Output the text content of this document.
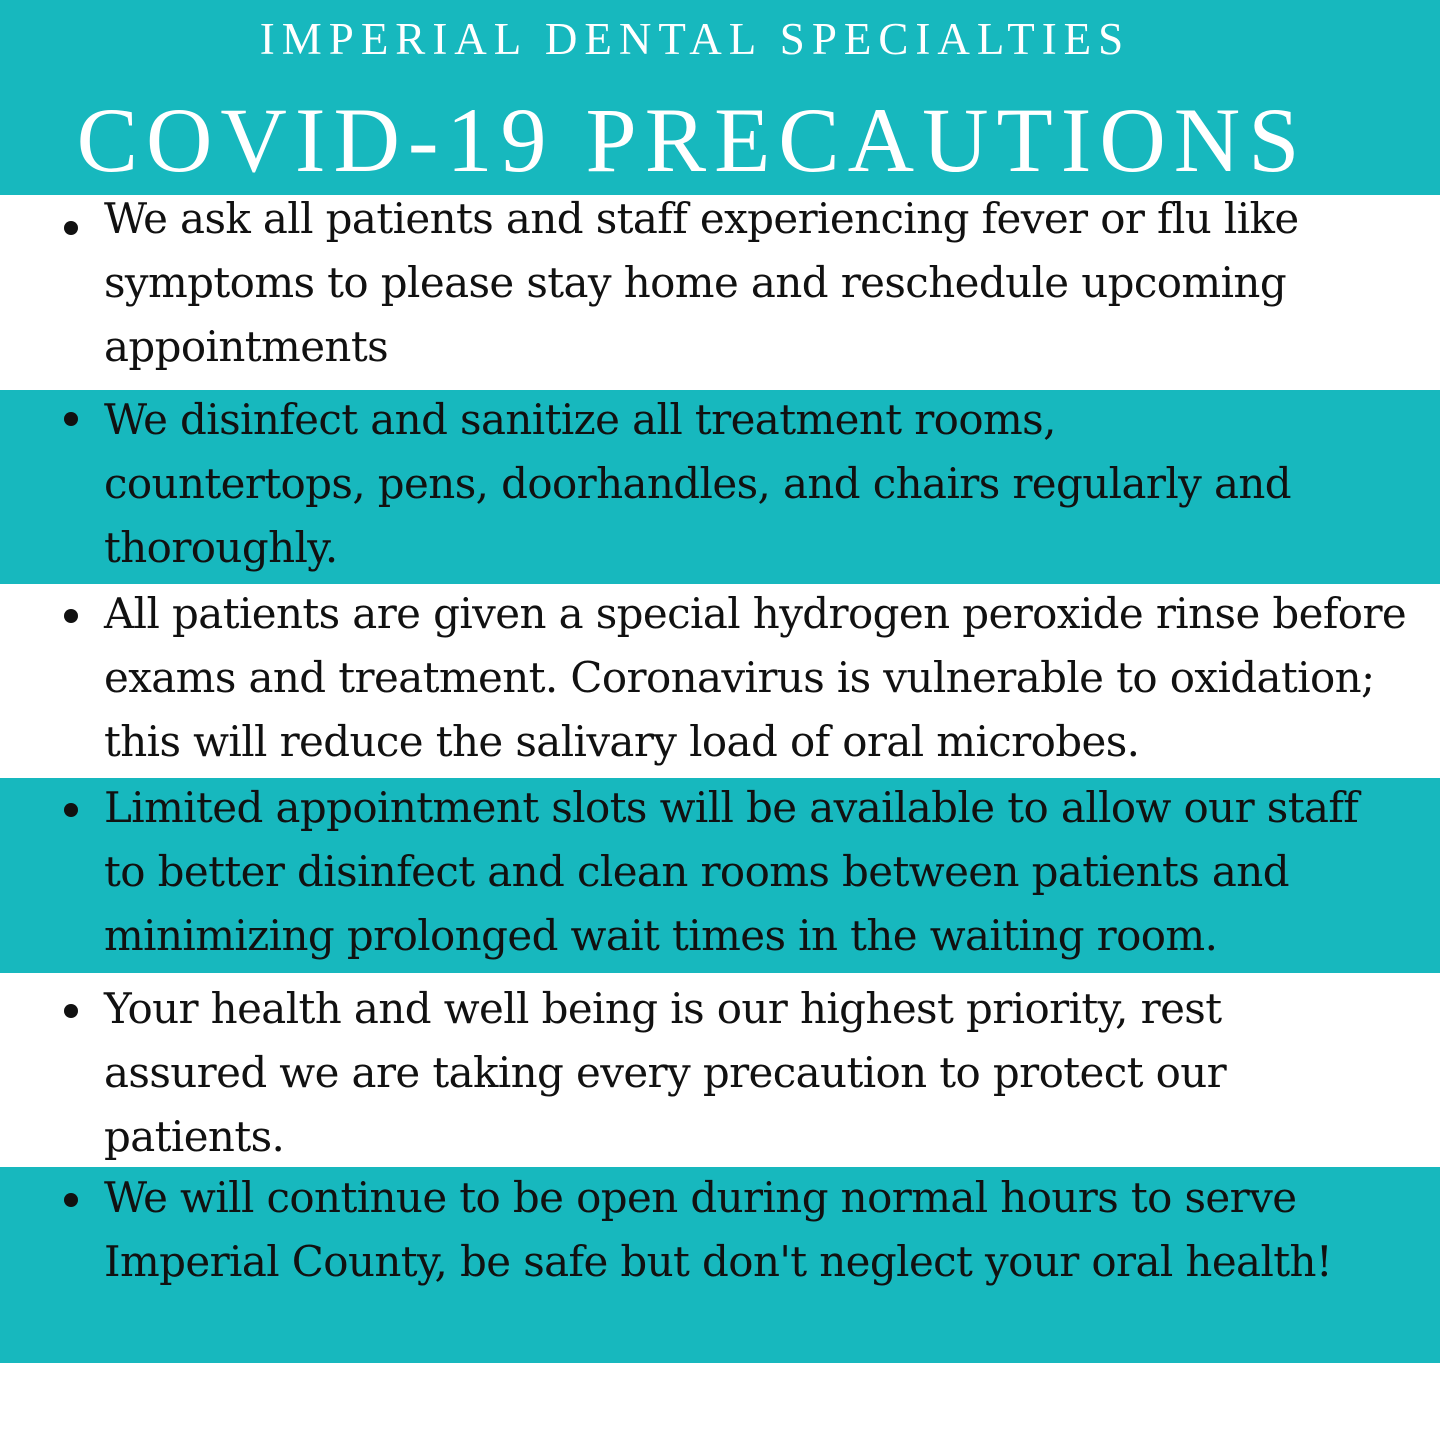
IMPERIAL DENTAL SPECIALTIES
COVID-19 PRECAUTIONS
We ask all patients and staff experiencing fever or flu like
symptoms to please stay home and reschedule upcoming
appointments
We disinfect and sanitize all treatment rooms,
countertops, pens, doorhandles, and chairs regularly and
thoroughly.
All patients are given a special hydrogen peroxide rinse before
exams and treatment. Coronavirus is vulnerable to oxidation;
this will reduce the salivary load of oral microbes.
Limited appointment slots will be available to allow our staff
to better disinfect and clean rooms between patients and
minimizing prolonged wait times in the waiting room.
Your health and well being is our highest priority, rest
assured we are taking every precaution to protect our
patients.
We will continue to be open during normal hours to serve
Imperial County, be safe but don't neglect your oral health!
